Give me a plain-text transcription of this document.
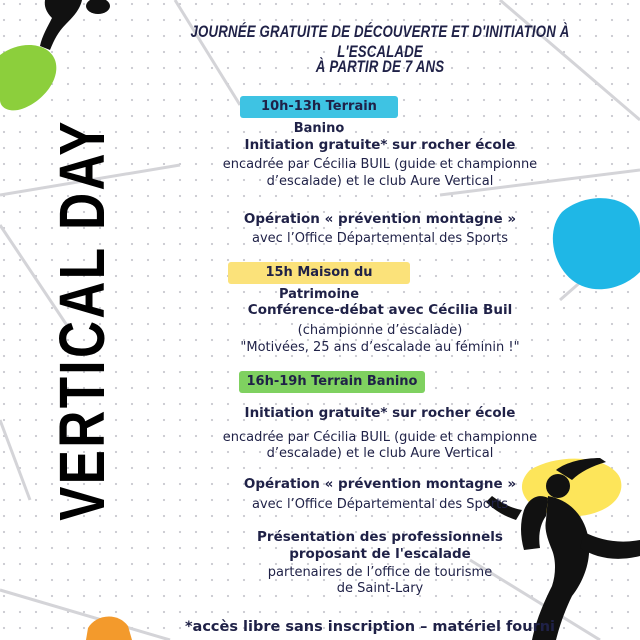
VERTICAL DAY
JOURNÉE GRATUITE DE DÉCOUVERTE ET D'INITIATION À L'ESCALADE
À PARTIR DE 7 ANS
10h-13h Terrain Banino
Initiation gratuite* sur rocher école
encadrée par Cécilia BUIL (guide et championne
d’escalade) et le club Aure Vertical
Opération « prévention montagne »
avec l’Office Départemental des Sports
15h Maison du Patrimoine
Conférence-débat avec Cécilia Buil
(championne d’escalade)
"Motivées, 25 ans d’escalade au féminin !"
16h-19h Terrain Banino
Initiation gratuite* sur rocher école
encadrée par Cécilia BUIL (guide et championne
d’escalade) et le club Aure Vertical
Opération « prévention montagne »
avec l’Office Départemental des Sports
Présentation des professionnels
proposant de l'escalade
partenaires de l’office de tourisme
de Saint-Lary
*accès libre sans inscription – matériel fourni
